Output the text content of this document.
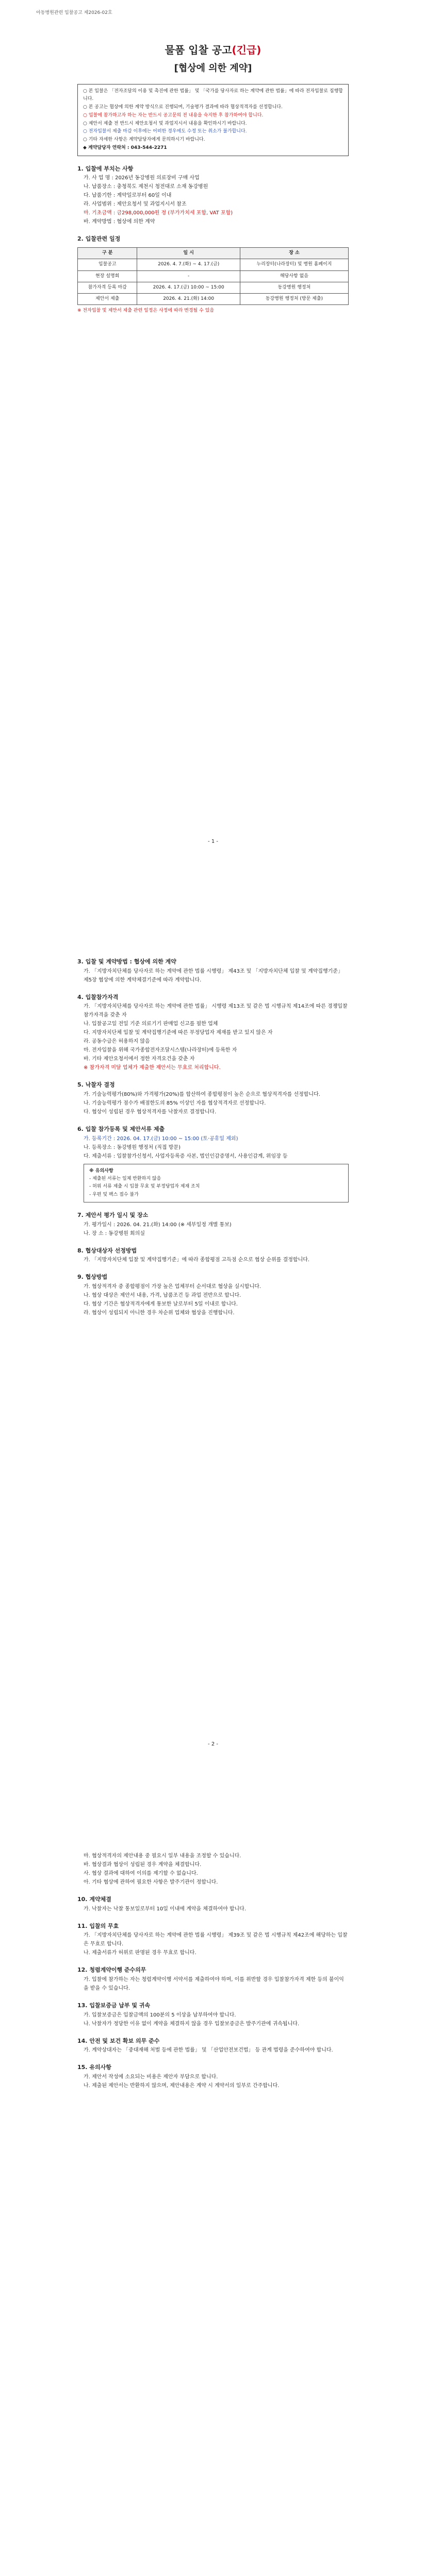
아동병원관련 입찰공고 제2026-02호
물품 입찰 공고(긴급)
[협상에 의한 계약]
○ 본 입찰은 「전자조달의 이용 및 촉진에 관한 법률」 및 「국가를 당사자로 하는 계약에 관한 법률」에 따라 전자입찰로 집행합니다.
○ 본 공고는 협상에 의한 계약 방식으로 진행되며, 기술평가 결과에 따라 협상적격자를 선정합니다.
○ 입찰에 참가하고자 하는 자는 반드시 공고문의 전 내용을 숙지한 후 참가하여야 합니다.
○ 제안서 제출 전 반드시 제안요청서 및 과업지시서 내용을 확인하시기 바랍니다.
○ 전자입찰서 제출 마감 이후에는 어떠한 경우에도 수정 또는 취소가 불가합니다.
○ 기타 자세한 사항은 계약담당자에게 문의하시기 바랍니다.
◆ 계약담당자 연락처 : 043-544-2271
1. 입찰에 부치는 사항
가. 사 업 명 : 2026년 동강병원 의료장비 구매 사업
나. 납품장소 : 충청북도 제천시 청전대로 소재 동강병원
다. 납품기한 : 계약일로부터 60일 이내
라. 사업범위 : 제안요청서 및 과업지시서 참조
마. 기초금액 : 금298,000,000원 정 (부가가치세 포함, VAT 포함)
바. 계약방법 : 협상에 의한 계약
2. 입찰관련 일정
구 분	일 시	장 소
입찰공고	2026. 4. 7.(화) ~ 4. 17.(금)	누리장터(나라장터) 및 병원 홈페이지
현장 설명회	-	해당사항 없음
참가자격 등록 마감	2026. 4. 17.(금) 10:00 ~ 15:00	동강병원 행정처
제안서 제출	2026. 4. 21.(화) 14:00	동강병원 행정처 (방문 제출)
※ 전자입찰 및 제안서 제출 관련 일정은 사정에 따라 변경될 수 있음
- 1 -
3. 입찰 및 계약방법 : 협상에 의한 계약
가. 「지방자치단체를 당사자로 하는 계약에 관한 법률 시행령」 제43조 및 「지방자치단체 입찰 및 계약집행기준」 제5장 협상에 의한 계약체결기준에 따라 계약합니다.
4. 입찰참가자격
가. 「지방자치단체를 당사자로 하는 계약에 관한 법률」 시행령 제13조 및 같은 법 시행규칙 제14조에 따른 경쟁입찰 참가자격을 갖춘 자
나. 입찰공고일 전일 기준 의료기기 판매업 신고를 필한 업체
다. 지방자치단체 입찰 및 계약집행기준에 따른 부정당업자 제재를 받고 있지 않은 자
라. 공동수급은 허용하지 않음
마. 전자입찰을 위해 국가종합전자조달시스템(나라장터)에 등록한 자
바. 기타 제안요청서에서 정한 자격요건을 갖춘 자
※ 참가자격 미달 업체가 제출한 제안서는 무효로 처리합니다.
5. 낙찰자 결정
가. 기술능력평가(80%)와 가격평가(20%)를 합산하여 종합평점이 높은 순으로 협상적격자를 선정합니다.
나. 기술능력평가 점수가 배점한도의 85% 이상인 자를 협상적격자로 선정합니다.
다. 협상이 성립된 경우 협상적격자를 낙찰자로 결정합니다.
6. 입찰 참가등록 및 제안서류 제출
가. 등록기간 : 2026. 04. 17.(금) 10:00 ~ 15:00 (토·공휴일 제외)
나. 등록장소 : 동강병원 행정처 (직접 방문)
다. 제출서류 : 입찰참가신청서, 사업자등록증 사본, 법인인감증명서, 사용인감계, 위임장 등
※ 유의사항
- 제출된 서류는 일체 반환하지 않음
- 허위 서류 제출 시 입찰 무효 및 부정당업자 제재 조치
- 우편 및 팩스 접수 불가
7. 제안서 평가 일시 및 장소
가. 평가일시 : 2026. 04. 21.(화) 14:00 (※ 세부일정 개별 통보)
나. 장 소 : 동강병원 회의실
8. 협상대상자 선정방법
가. 「지방자치단체 입찰 및 계약집행기준」에 따라 종합평점 고득점 순으로 협상 순위를 결정합니다.
9. 협상방법
가. 협상적격자 중 종합평점이 가장 높은 업체부터 순서대로 협상을 실시합니다.
나. 협상 대상은 제안서 내용, 가격, 납품조건 등 과업 전반으로 합니다.
다. 협상 기간은 협상적격자에게 통보한 날로부터 5일 이내로 합니다.
라. 협상이 성립되지 아니한 경우 차순위 업체와 협상을 진행합니다.
- 2 -
마. 협상적격자의 제안내용 중 필요시 일부 내용을 조정할 수 있습니다.
바. 협상결과 협상이 성립된 경우 계약을 체결합니다.
사. 협상 결과에 대하여 이의를 제기할 수 없습니다.
아. 기타 협상에 관하여 필요한 사항은 발주기관이 정합니다.
10. 계약체결
가. 낙찰자는 낙찰 통보일로부터 10일 이내에 계약을 체결하여야 합니다.
11. 입찰의 무효
가. 「지방자치단체를 당사자로 하는 계약에 관한 법률 시행령」 제39조 및 같은 법 시행규칙 제42조에 해당하는 입찰은 무효로 합니다.
나. 제출서류가 허위로 판명된 경우 무효로 합니다.
12. 청렴계약이행 준수의무
가. 입찰에 참가하는 자는 청렴계약이행 서약서를 제출하여야 하며, 이를 위반할 경우 입찰참가자격 제한 등의 불이익을 받을 수 있습니다.
13. 입찰보증금 납부 및 귀속
가. 입찰보증금은 입찰금액의 100분의 5 이상을 납부하여야 합니다.
나. 낙찰자가 정당한 이유 없이 계약을 체결하지 않을 경우 입찰보증금은 발주기관에 귀속됩니다.
14. 안전 및 보건 확보 의무 준수
가. 계약상대자는 「중대재해 처벌 등에 관한 법률」 및 「산업안전보건법」 등 관계 법령을 준수하여야 합니다.
15. 유의사항
가. 제안서 작성에 소요되는 비용은 제안자 부담으로 합니다.
나. 제출된 제안서는 반환하지 않으며, 제안내용은 계약 시 계약서의 일부로 간주합니다.
